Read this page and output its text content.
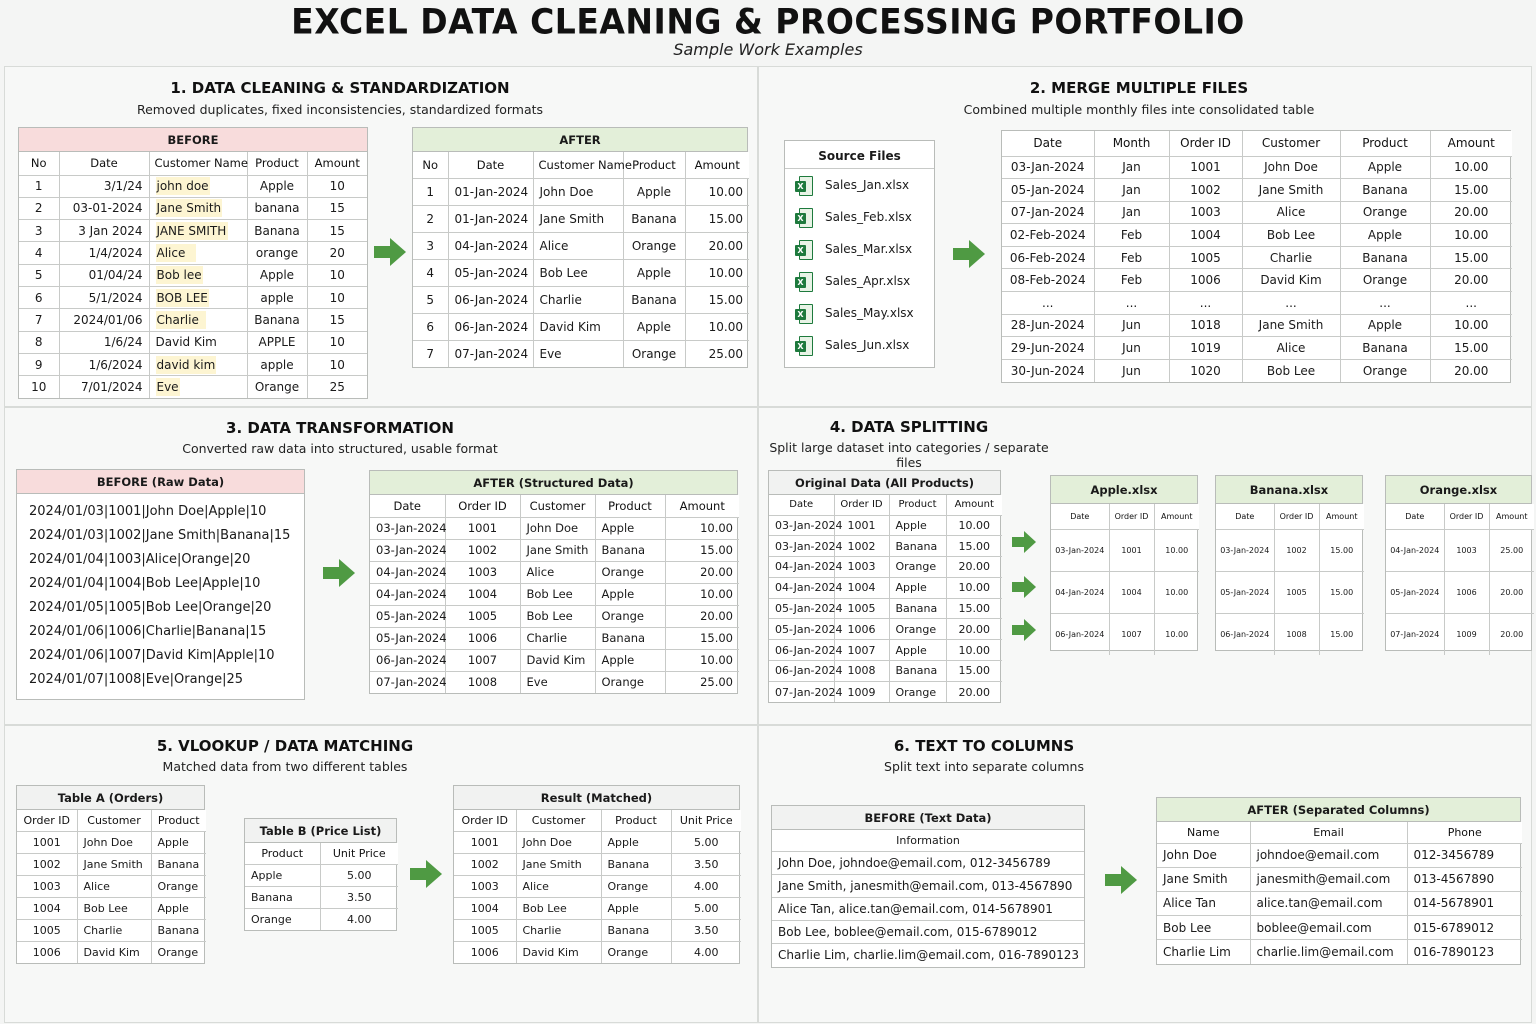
EXCEL DATA CLEANING & PROCESSING PORTFOLIO
Sample Work Examples
1. DATA CLEANING & STANDARDIZATION
Removed duplicates, fixed inconsistencies, standardized formats
BEFORE
No	Date	Customer Name	Product	Amount
1	3/1/24	john doe	Apple	10
2	03-01-2024	Jane Smith	banana	15
3	3 Jan 2024	JANE SMITH	Banana	15
4	1/4/2024	Alice	orange	20
5	01/04/24	Bob lee	Apple	10
6	5/1/2024	BOB LEE	apple	10
7	2024/01/06	Charlie	Banana	15
8	1/6/24	David Kim	APPLE	10
9	1/6/2024	david kim	apple	10
10	7/01/2024	Eve	Orange	25
AFTER
No	Date	Customer Name	Product	Amount
1	01-Jan-2024	John Doe	Apple	10.00
2	01-Jan-2024	Jane Smith	Banana	15.00
3	04-Jan-2024	Alice	Orange	20.00
4	05-Jan-2024	Bob Lee	Apple	10.00
5	06-Jan-2024	Charlie	Banana	15.00
6	06-Jan-2024	David Kim	Apple	10.00
7	07-Jan-2024	Eve	Orange	25.00
2. MERGE MULTIPLE FILES
Combined multiple monthly files inte consolidated table
Source Files
X Sales_Jan.xlsx
X Sales_Feb.xlsx
X Sales_Mar.xlsx
X Sales_Apr.xlsx
X Sales_May.xlsx
X Sales_Jun.xlsx
Date	Month	Order ID	Customer	Product	Amount
03-Jan-2024	Jan	1001	John Doe	Apple	10.00
05-Jan-2024	Jan	1002	Jane Smith	Banana	15.00
07-Jan-2024	Jan	1003	Alice	Orange	20.00
02-Feb-2024	Feb	1004	Bob Lee	Apple	10.00
06-Feb-2024	Feb	1005	Charlie	Banana	15.00
08-Feb-2024	Feb	1006	David Kim	Orange	20.00
...	...	...	...	...	...
28-Jun-2024	Jun	1018	Jane Smith	Apple	10.00
29-Jun-2024	Jun	1019	Alice	Banana	15.00
30-Jun-2024	Jun	1020	Bob Lee	Orange	20.00
3. DATA TRANSFORMATION
Converted raw data into structured, usable format
BEFORE (Raw Data)
2024/01/03|1001|John Doe|Apple|10
2024/01/03|1002|Jane Smith|Banana|15
2024/01/04|1003|Alice|Orange|20
2024/01/04|1004|Bob Lee|Apple|10
2024/01/05|1005|Bob Lee|Orange|20
2024/01/06|1006|Charlie|Banana|15
2024/01/06|1007|David Kim|Apple|10
2024/01/07|1008|Eve|Orange|25
AFTER (Structured Data)
Date	Order ID	Customer	Product	Amount
03-Jan-2024	1001	John Doe	Apple	10.00
03-Jan-2024	1002	Jane Smith	Banana	15.00
04-Jan-2024	1003	Alice	Orange	20.00
04-Jan-2024	1004	Bob Lee	Apple	10.00
05-Jan-2024	1005	Bob Lee	Orange	20.00
05-Jan-2024	1006	Charlie	Banana	15.00
06-Jan-2024	1007	David Kim	Apple	10.00
07-Jan-2024	1008	Eve	Orange	25.00
4. DATA SPLITTING
Split large dataset into categories / separate files
Original Data (All Products)
Date	Order ID	Product	Amount
03-Jan-2024	1001	Apple	10.00
03-Jan-2024	1002	Banana	15.00
04-Jan-2024	1003	Orange	20.00
04-Jan-2024	1004	Apple	10.00
05-Jan-2024	1005	Banana	15.00
05-Jan-2024	1006	Orange	20.00
06-Jan-2024	1007	Apple	10.00
06-Jan-2024	1008	Banana	15.00
07-Jan-2024	1009	Orange	20.00
Apple.xlsx
Date	Order ID	Amount
03-Jan-2024	1001	10.00
04-Jan-2024	1004	10.00
06-Jan-2024	1007	10.00
Banana.xlsx
Date	Order ID	Amount
03-Jan-2024	1002	15.00
05-Jan-2024	1005	15.00
06-Jan-2024	1008	15.00
Orange.xlsx
Date	Order ID	Amount
04-Jan-2024	1003	25.00
05-Jan-2024	1006	20.00
07-Jan-2024	1009	20.00
5. VLOOKUP / DATA MATCHING
Matched data from two different tables
Table A (Orders)
Order ID	Customer	Product
1001	John Doe	Apple
1002	Jane Smith	Banana
1003	Alice	Orange
1004	Bob Lee	Apple
1005	Charlie	Banana
1006	David Kim	Orange
Table B (Price List)
Product	Unit Price
Apple	5.00
Banana	3.50
Orange	4.00
Result (Matched)
Order ID	Customer	Product	Unit Price
1001	John Doe	Apple	5.00
1002	Jane Smith	Banana	3.50
1003	Alice	Orange	4.00
1004	Bob Lee	Apple	5.00
1005	Charlie	Banana	3.50
1006	David Kim	Orange	4.00
6. TEXT TO COLUMNS
Split text into separate columns
BEFORE (Text Data)
Information
John Doe, johndoe@email.com, 012-3456789
Jane Smith, janesmith@email.com, 013-4567890
Alice Tan, alice.tan@email.com, 014-5678901
Bob Lee, boblee@email.com, 015-6789012
Charlie Lim, charlie.lim@email.com, 016-7890123
AFTER (Separated Columns)
Name	Email	Phone
John Doe	johndoe@email.com	012-3456789
Jane Smith	janesmith@email.com	013-4567890
Alice Tan	alice.tan@email.com	014-5678901
Bob Lee	boblee@email.com	015-6789012
Charlie Lim	charlie.lim@email.com	016-7890123
